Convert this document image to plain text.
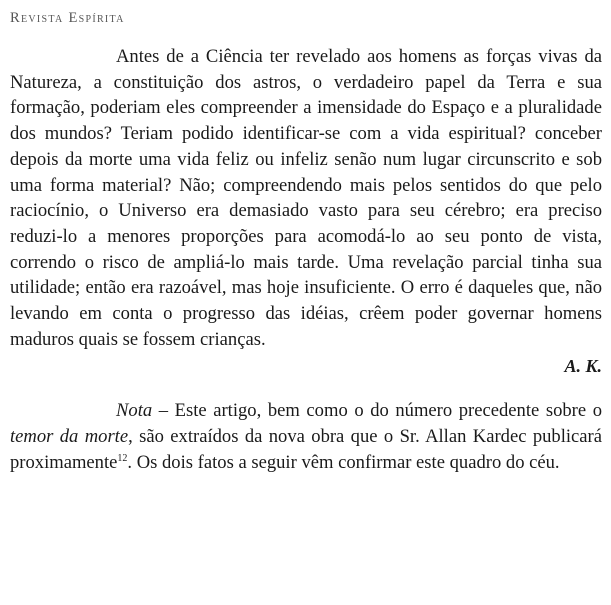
Revista Espírita

Antes de a Ciência ter revelado aos homens as forças vivas da Natureza, a constituição dos astros, o verdadeiro papel da Terra e sua formação, poderiam eles compreender a imensidade do Espaço e a pluralidade dos mundos? Teriam podido identificar-se com a vida espiritual? conceber depois da morte uma vida feliz ou infeliz senão num lugar circunscrito e sob uma forma material? Não; compreendendo mais pelos sentidos do que pelo raciocínio, o Universo era demasiado vasto para seu cérebro; era preciso reduzi-lo a menores proporções para acomodá-lo ao seu ponto de vista, correndo o risco de ampliá-lo mais tarde. Uma revelação parcial tinha sua utilidade; então era razoável, mas hoje insuficiente. O erro é daqueles que, não levando em conta o progresso das idéias, crêem poder governar homens maduros quais se fossem crianças.

A. K.

Nota – Este artigo, bem como o do número precedente sobre o temor da morte, são extraídos da nova obra que o Sr. Allan Kardec publicará proximamente$^{12}$. Os dois fatos a seguir vêm confirmar este quadro do céu.
